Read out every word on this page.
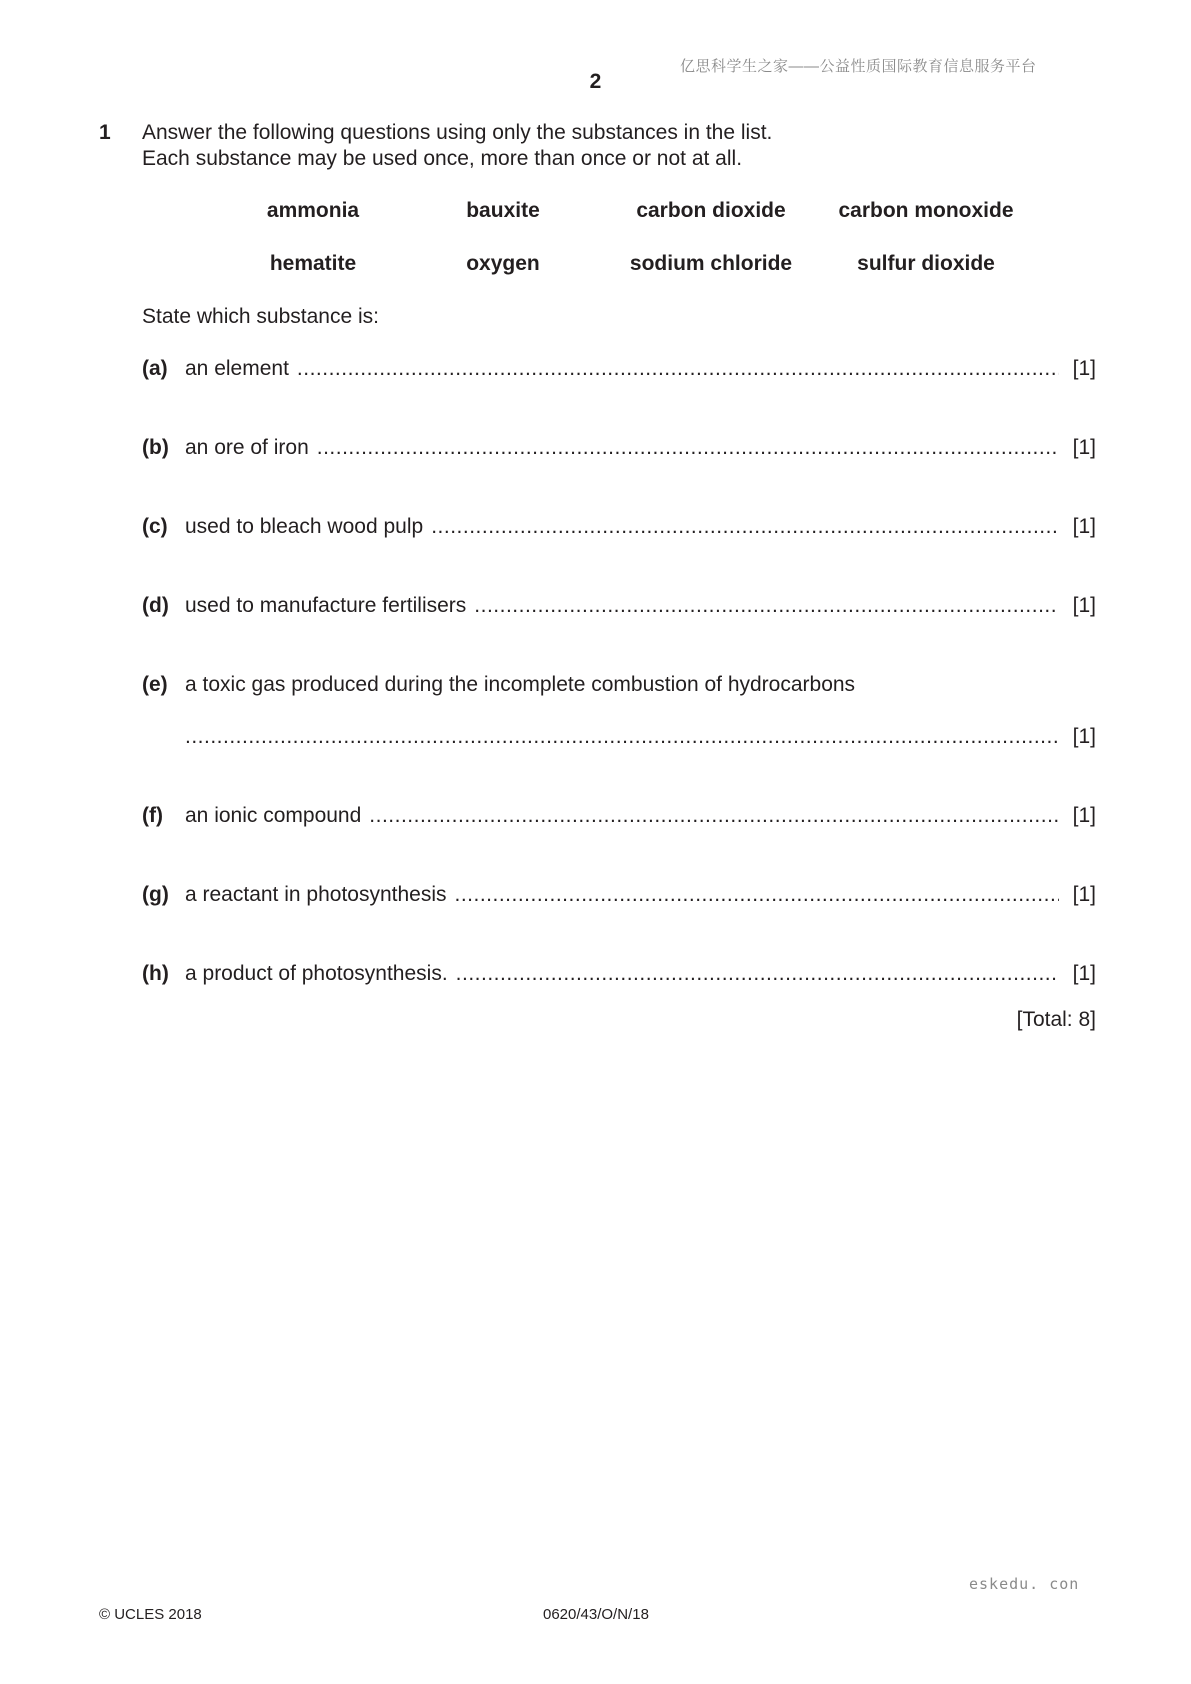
亿思科学生之家——公益性质国际教育信息服务平台
2
1 Answer the following questions using only the substances in the list.
Each substance may be used once, more than once or not at all.
ammonia	bauxite	carbon dioxide	carbon monoxide
hematite	oxygen	sodium chloride	sulfur dioxide
State which substance is:
(a) an element .....	[1]
(b) an ore of iron .....	[1]
(c) used to bleach wood pulp .....	[1]
(d) used to manufacture fertilisers .....	[1]
(e) a toxic gas produced during the incomplete combustion of hydrocarbons
.....
[1]
(f) an ionic compound .....	[1]
(g) a reactant in photosynthesis .....	[1]
(h) a product of photosynthesis. .....	[1]
[Total: 8]
eskedu. con
© UCLES 2018	0620/43/O/N/18
